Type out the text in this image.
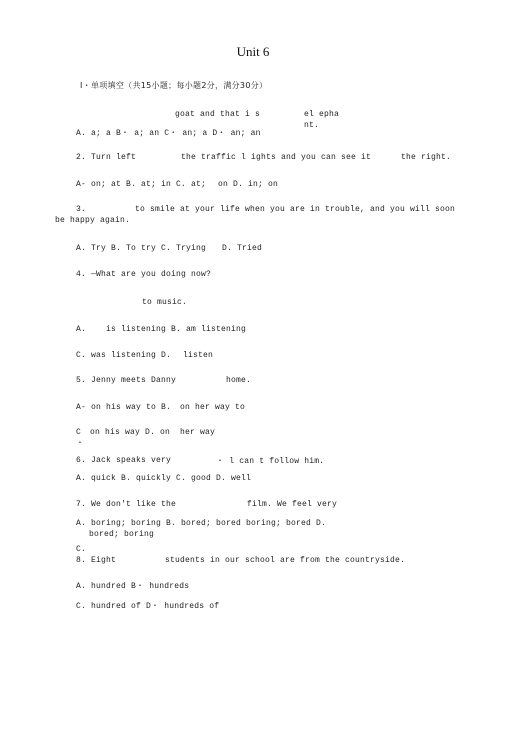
Unit 6
Ⅰ・单项填空（共15小题；每小题2分，满分30分）
goat and that i s	el epha
nt.
A. a; a B・ a; an C・ an; a D・ an; an
2. Turn left	the traffic l ights and you can see it	the right.
A- on; at B. at; in C. at; on D. in; on
3.	to smile at your life when you are in trouble, and you will soon
be happy again.
A. Try B. To try C. Trying D. Tried
4. —What are you doing now?
to music.
A. is listening B. am listening
C. was listening D. listen
5. Jenny meets Danny	home.
A- on his way to B. on her way to
C on his way D. on her way
・
6. Jack speaks very	・ l can t follow him.
A. quick B. quickly C. good D. well
7. We don't like the	film. We feel very
A. boring; boring B. bored; bored boring; bored D.
bored; boring
C.
8. Eight	students in our school are from the countryside.
A. hundred B・ hundreds
C. hundred of D・ hundreds of
